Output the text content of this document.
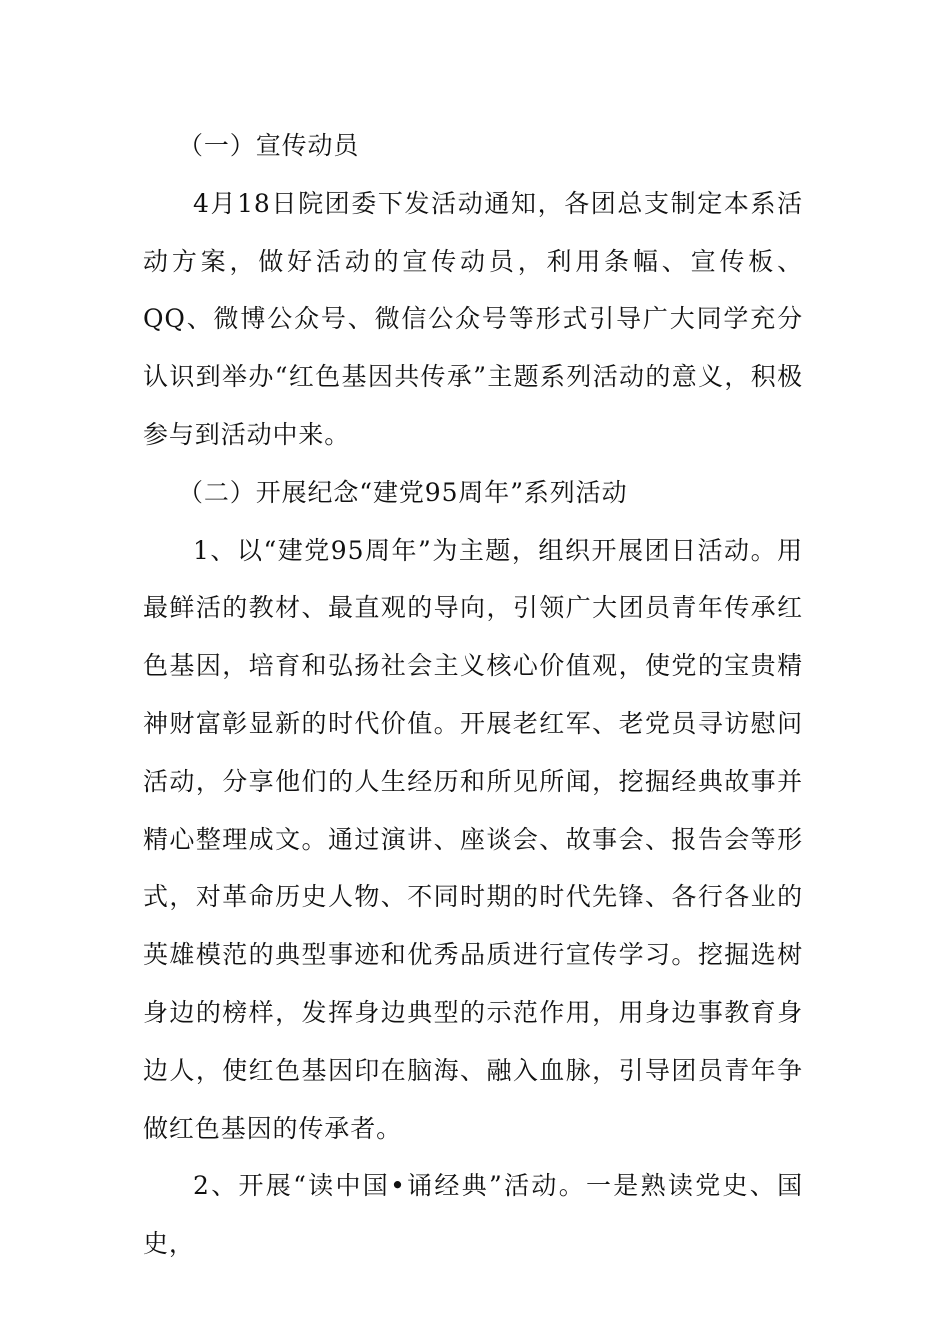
（一）宣传动员

4月18日院团委下发活动通知，各团总支制定本系活动方案，做好活动的宣传动员，利用条幅、宣传板、QQ、微博公众号、微信公众号等形式引导广大同学充分认识到举办“红色基因共传承”主题系列活动的意义，积极参与到活动中来。

（二）开展纪念“建党95周年”系列活动

1、以“建党95周年”为主题，组织开展团日活动。用最鲜活的教材、最直观的导向，引领广大团员青年传承红色基因，培育和弘扬社会主义核心价值观，使党的宝贵精神财富彰显新的时代价值。开展老红军、老党员寻访慰问活动，分享他们的人生经历和所见所闻，挖掘经典故事并精心整理成文。通过演讲、座谈会、故事会、报告会等形式，对革命历史人物、不同时期的时代先锋、各行各业的英雄模范的典型事迹和优秀品质进行宣传学习。挖掘选树身边的榜样，发挥身边典型的示范作用，用身边事教育身边人，使红色基因印在脑海、融入血脉，引导团员青年争做红色基因的传承者。

2、开展“读中国•诵经典”活动。一是熟读党史、国史，
